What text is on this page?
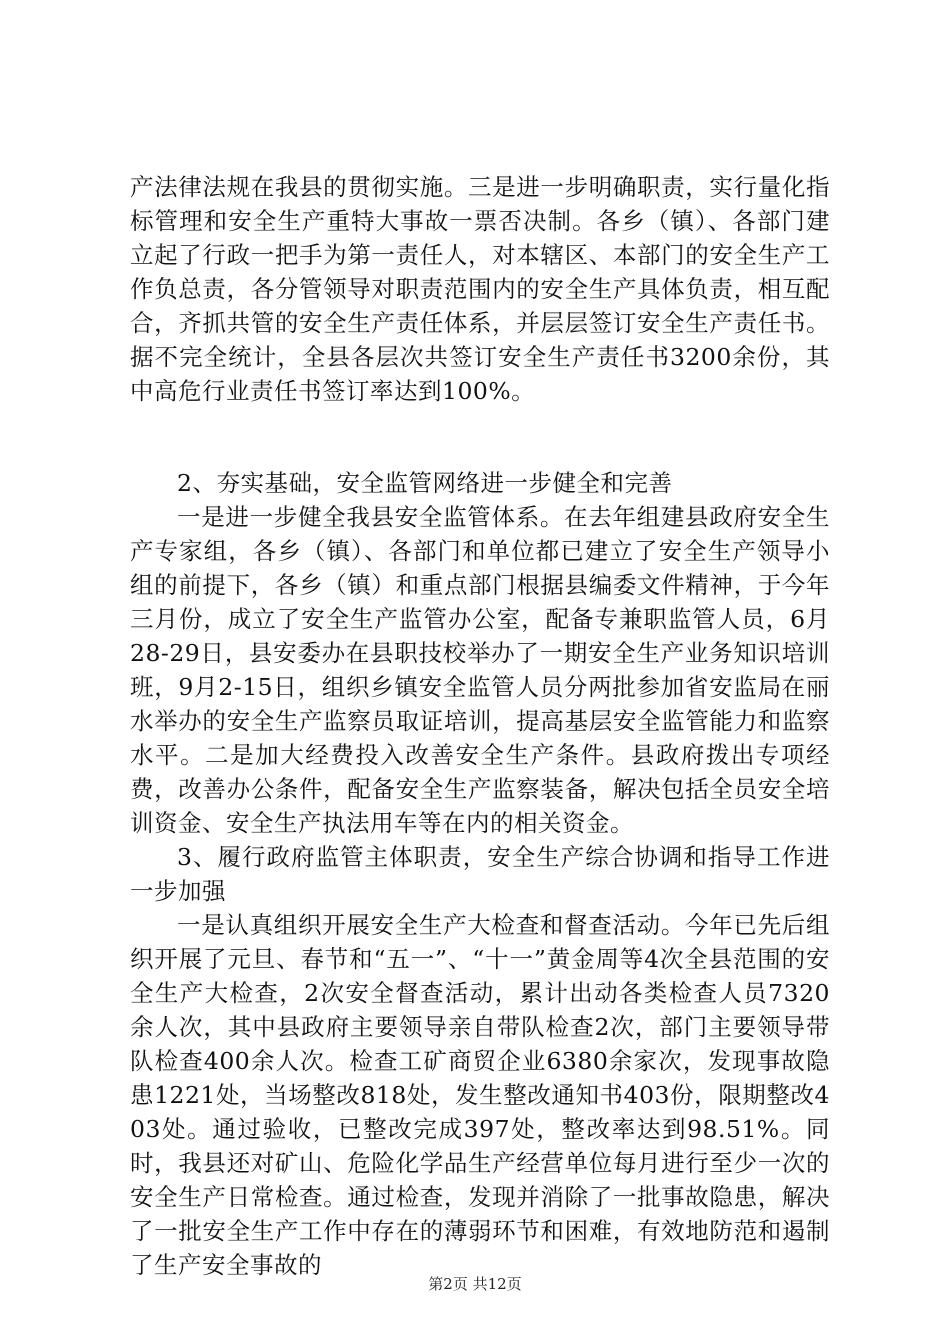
产法律法规在我县的贯彻实施。三是进一步明确职责，实行量化指标管理和安全生产重特大事故一票否决制。各乡（镇）、各部门建立起了行政一把手为第一责任人，对本辖区、本部门的安全生产工作负总责，各分管领导对职责范围内的安全生产具体负责，相互配合，齐抓共管的安全生产责任体系，并层层签订安全生产责任书。据不完全统计，全县各层次共签订安全生产责任书3200余份，其中高危行业责任书签订率达到100%。

2、夯实基础，安全监管网络进一步健全和完善

一是进一步健全我县安全监管体系。在去年组建县政府安全生产专家组，各乡（镇）、各部门和单位都已建立了安全生产领导小组的前提下，各乡（镇）和重点部门根据县编委文件精神，于今年三月份，成立了安全生产监管办公室，配备专兼职监管人员，6月28-29日，县安委办在县职技校举办了一期安全生产业务知识培训班，9月2-15日，组织乡镇安全监管人员分两批参加省安监局在丽水举办的安全生产监察员取证培训，提高基层安全监管能力和监察水平。二是加大经费投入改善安全生产条件。县政府拨出专项经费，改善办公条件，配备安全生产监察装备，解决包括全员安全培训资金、安全生产执法用车等在内的相关资金。

3、履行政府监管主体职责，安全生产综合协调和指导工作进一步加强

一是认真组织开展安全生产大检查和督查活动。今年已先后组织开展了元旦、春节和“五一”、“十一”黄金周等4次全县范围的安全生产大检查，2次安全督查活动，累计出动各类检查人员7320余人次，其中县政府主要领导亲自带队检查2次，部门主要领导带队检查400余人次。检查工矿商贸企业6380余家次，发现事故隐患1221处，当场整改818处，发生整改通知书403份，限期整改403处。通过验收，已整改完成397处，整改率达到98.51%。同时，我县还对矿山、危险化学品生产经营单位每月进行至少一次的安全生产日常检查。通过检查，发现并消除了一批事故隐患，解决了一批安全生产工作中存在的薄弱环节和困难，有效地防范和遏制了生产安全事故的

第2页 共12页
